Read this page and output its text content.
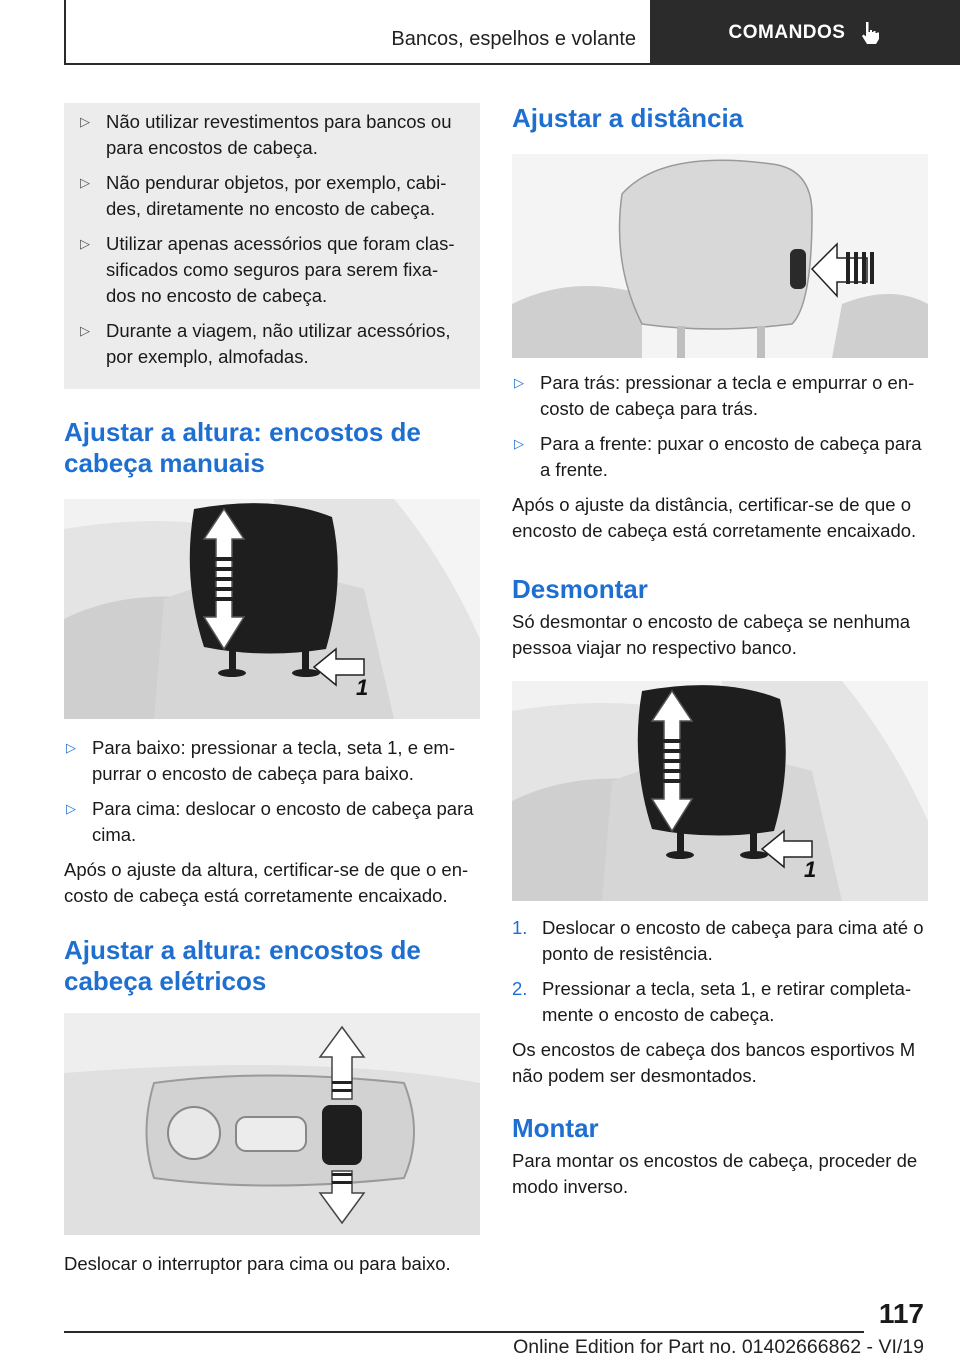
Bancos, espelhos e volante	COMANDOS
▷ Não utilizar revestimentos para bancos ou para encostos de cabeça.
▷ Não pendurar objetos, por exemplo, cabi‐des, diretamente no encosto de cabeça.
▷ Utilizar apenas acessórios que foram clas‐sificados como seguros para serem fixa‐dos no encosto de cabeça.
▷ Durante a viagem, não utilizar acessórios, por exemplo, almofadas.
Ajustar a altura: encostos de cabeça manuais
1
▷ Para baixo: pressionar a tecla, seta 1, e em‐purrar o encosto de cabeça para baixo.
▷ Para cima: deslocar o encosto de cabeça para cima.

Após o ajuste da altura, certificar-se de que o en‐costo de cabeça está corretamente encaixado.

Ajustar a altura: encostos de cabeça elétricos

Deslocar o interruptor para cima ou para baixo.

Ajustar a distância
▷ Para trás: pressionar a tecla e empurrar o en‐costo de cabeça para trás.
▷ Para a frente: puxar o encosto de cabeça para a frente.

Após o ajuste da distância, certificar-se de que o encosto de cabeça está corretamente encaixado.

Desmontar

Só desmontar o encosto de cabeça se nenhuma pessoa viajar no respectivo banco.

1
1. Deslocar o encosto de cabeça para cima até o ponto de resistência.
2. Pressionar a tecla, seta 1, e retirar completa‐mente o encosto de cabeça.

Os encostos de cabeça dos bancos esportivos M não podem ser desmontados.

Montar

Para montar os encostos de cabeça, proceder de modo inverso.

117
Online Edition for Part no. 01402666862 - VI/19
